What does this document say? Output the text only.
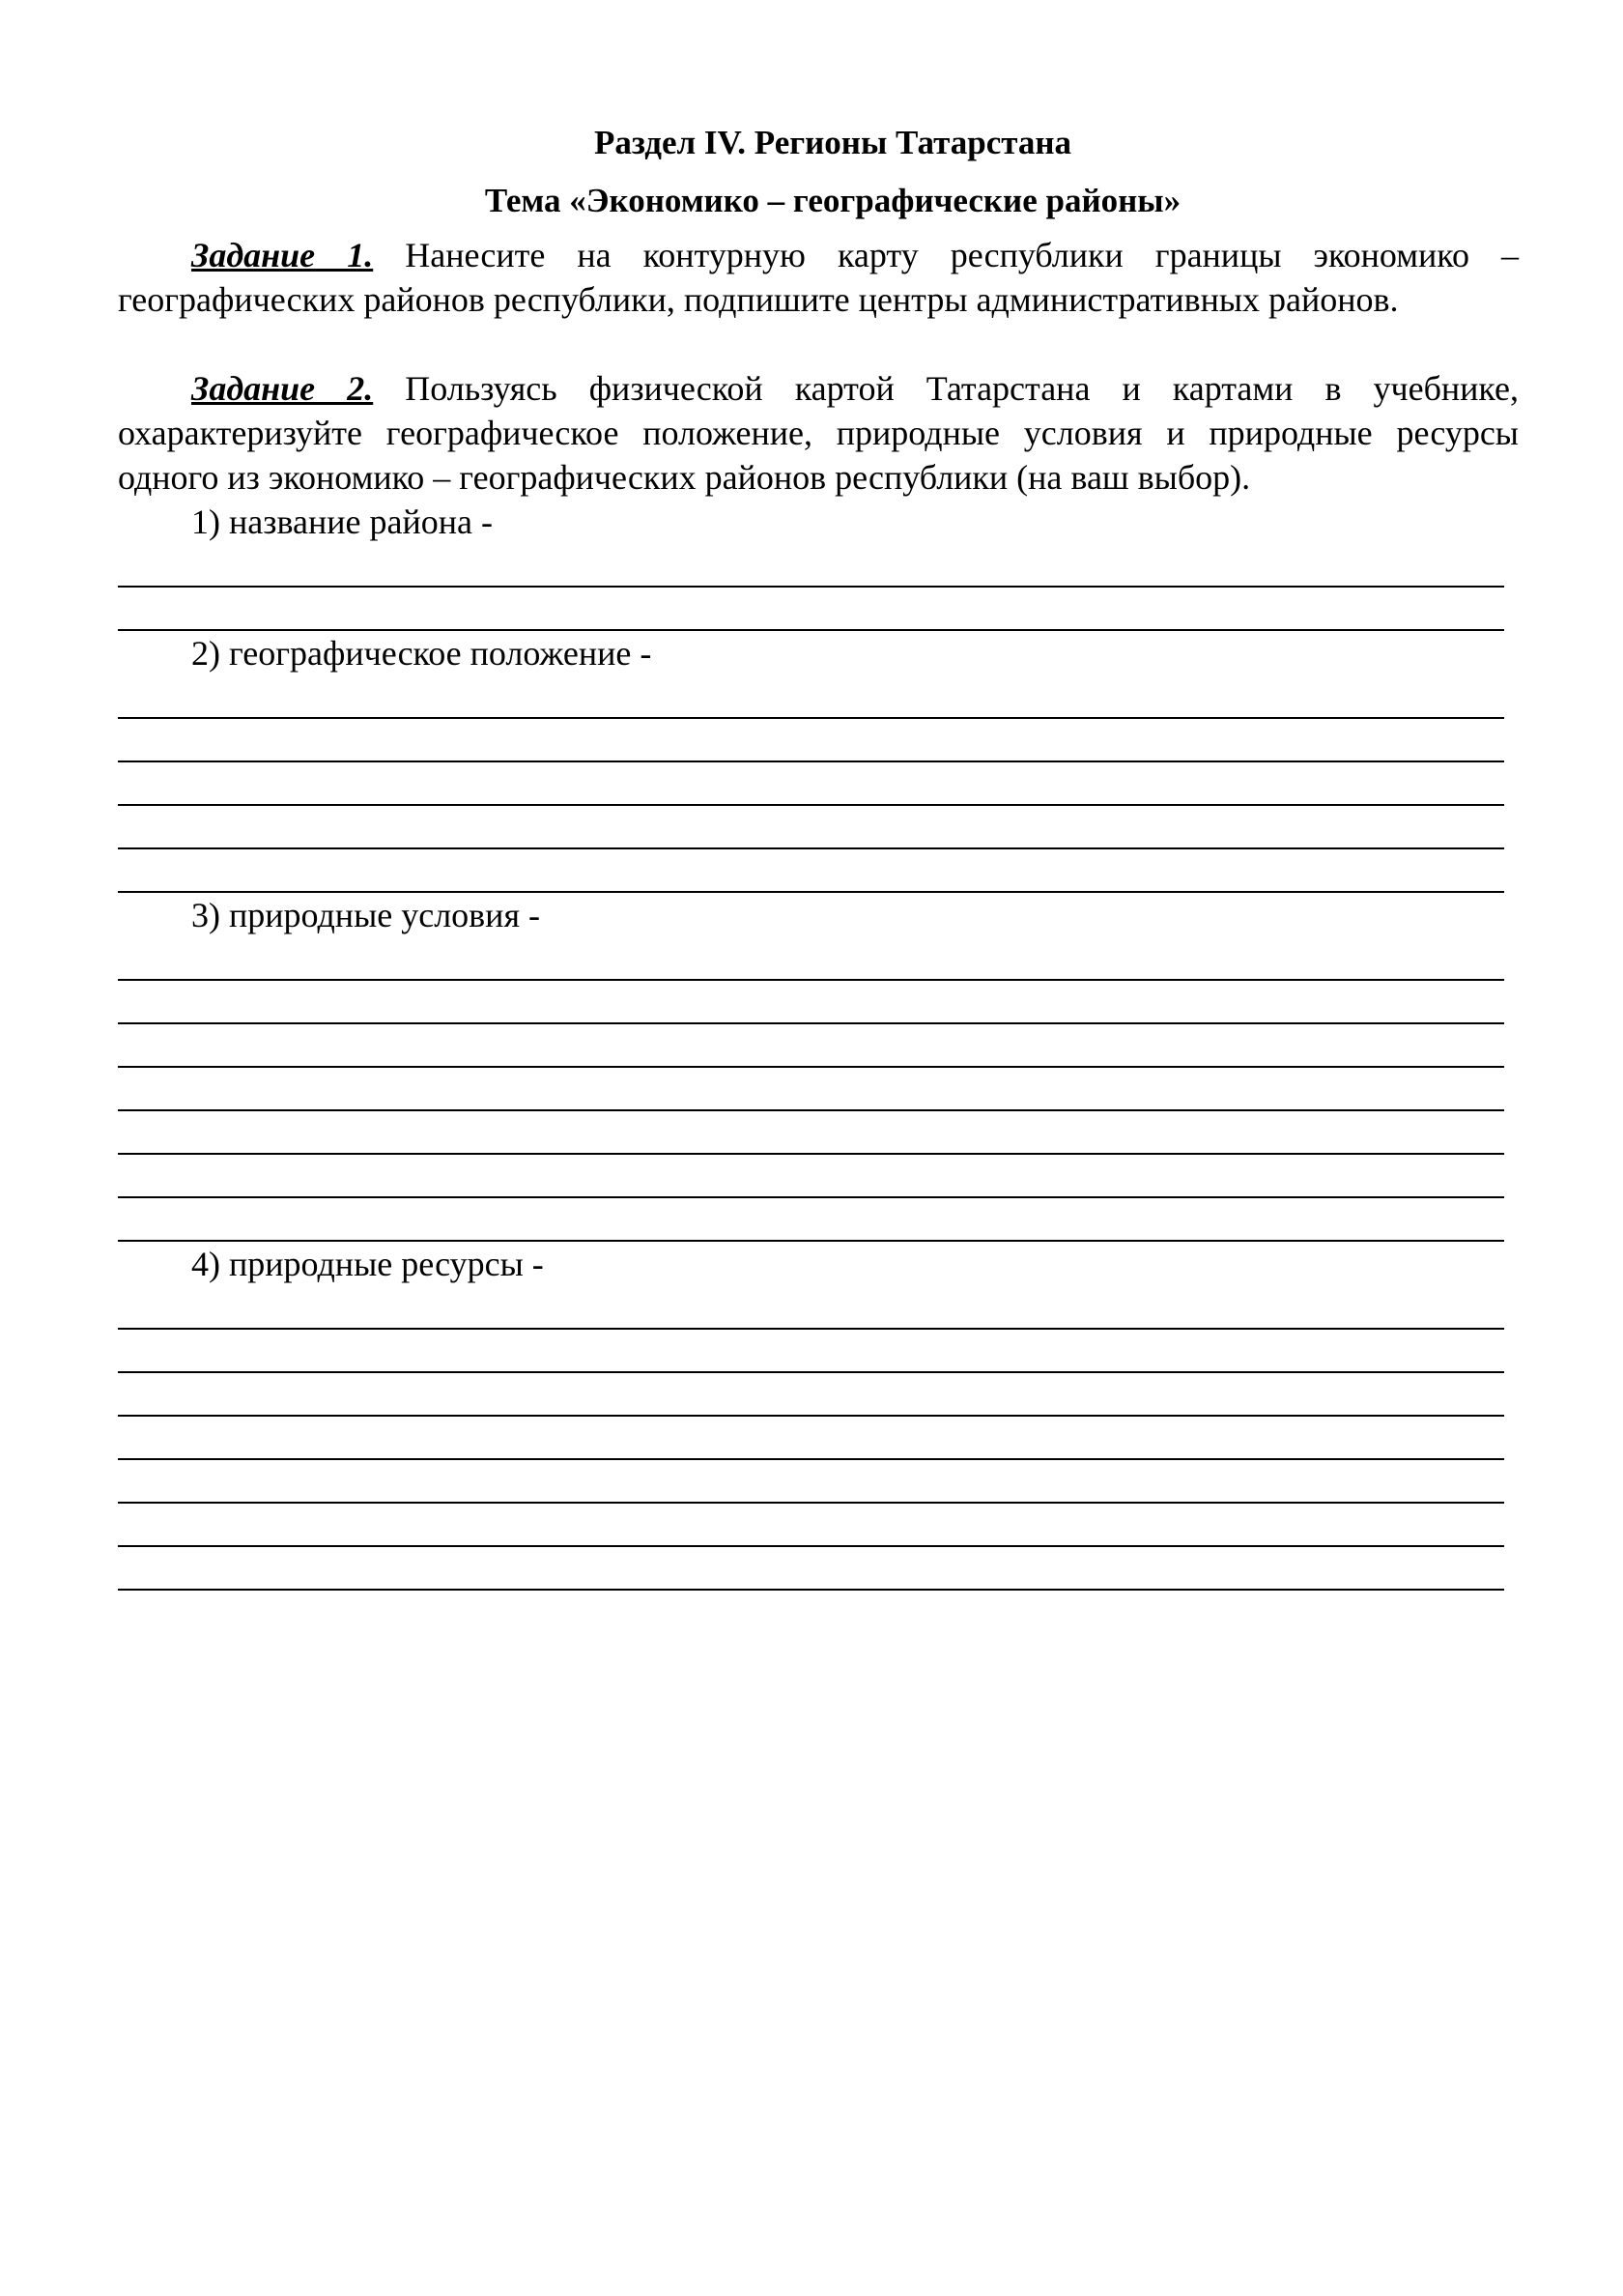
Раздел IV. Регионы Татарстана
Тема «Экономико – географические районы»

Задание 1. Нанесите на контурную карту республики границы экономико – географических районов республики, подпишите центры административных районов.

Задание 2. Пользуясь физической картой Татарстана и картами в учебнике, охарактеризуйте географическое положение, природные условия и природные ресурсы одного из экономико – географических районов республики (на ваш выбор).

1) название района -
2) географическое положение -
3) природные условия -
4) природные ресурсы -
